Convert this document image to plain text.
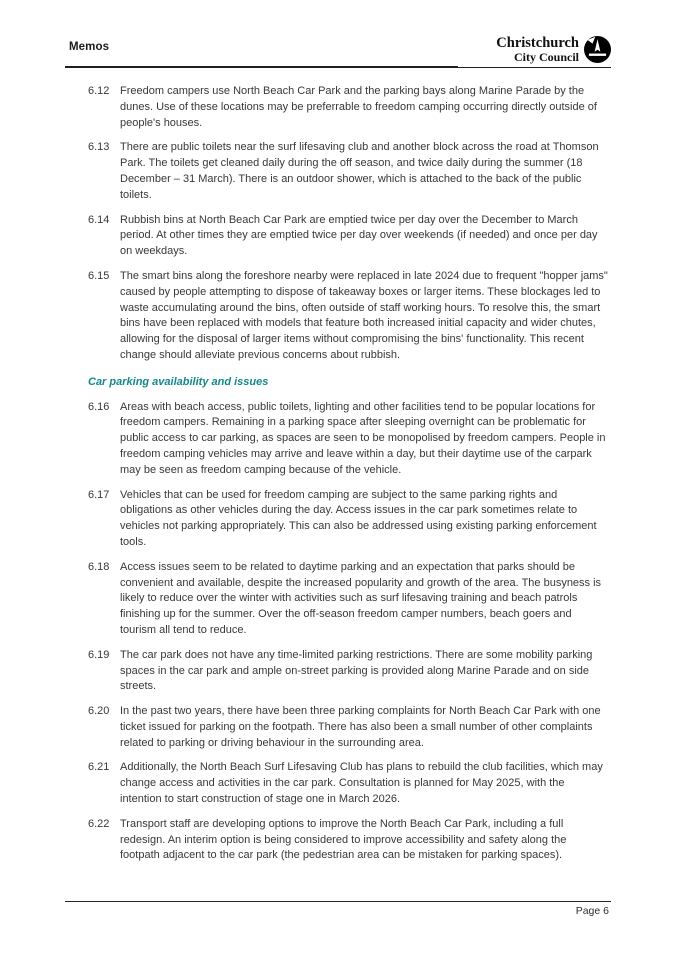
Memos	Christchurch
City Council
6.12 Freedom campers use North Beach Car Park and the parking bays along Marine Parade by the dunes. Use of these locations may be preferrable to freedom camping occurring directly outside of people's houses.
6.13 There are public toilets near the surf lifesaving club and another block across the road at Thomson Park. The toilets get cleaned daily during the off season, and twice daily during the summer (18 December – 31 March). There is an outdoor shower, which is attached to the back of the public toilets.
6.14 Rubbish bins at North Beach Car Park are emptied twice per day over the December to March period. At other times they are emptied twice per day over weekends (if needed) and once per day on weekdays.
6.15 The smart bins along the foreshore nearby were replaced in late 2024 due to frequent "hopper jams" caused by people attempting to dispose of takeaway boxes or larger items. These blockages led to waste accumulating around the bins, often outside of staff working hours. To resolve this, the smart bins have been replaced with models that feature both increased initial capacity and wider chutes, allowing for the disposal of larger items without compromising the bins' functionality. This recent change should alleviate previous concerns about rubbish.
Car parking availability and issues
6.16 Areas with beach access, public toilets, lighting and other facilities tend to be popular locations for freedom campers. Remaining in a parking space after sleeping overnight can be problematic for public access to car parking, as spaces are seen to be monopolised by freedom campers. People in freedom camping vehicles may arrive and leave within a day, but their daytime use of the carpark may be seen as freedom camping because of the vehicle.
6.17 Vehicles that can be used for freedom camping are subject to the same parking rights and obligations as other vehicles during the day. Access issues in the car park sometimes relate to vehicles not parking appropriately. This can also be addressed using existing parking enforcement tools.
6.18 Access issues seem to be related to daytime parking and an expectation that parks should be convenient and available, despite the increased popularity and growth of the area. The busyness is likely to reduce over the winter with activities such as surf lifesaving training and beach patrols finishing up for the summer. Over the off-season freedom camper numbers, beach goers and tourism all tend to reduce.
6.19 The car park does not have any time-limited parking restrictions. There are some mobility parking spaces in the car park and ample on-street parking is provided along Marine Parade and on side streets.
6.20 In the past two years, there have been three parking complaints for North Beach Car Park with one ticket issued for parking on the footpath. There has also been a small number of other complaints related to parking or driving behaviour in the surrounding area.
6.21 Additionally, the North Beach Surf Lifesaving Club has plans to rebuild the club facilities, which may change access and activities in the car park. Consultation is planned for May 2025, with the intention to start construction of stage one in March 2026.
6.22 Transport staff are developing options to improve the North Beach Car Park, including a full redesign. An interim option is being considered to improve accessibility and safety along the footpath adjacent to the car park (the pedestrian area can be mistaken for parking spaces).
Page 6
